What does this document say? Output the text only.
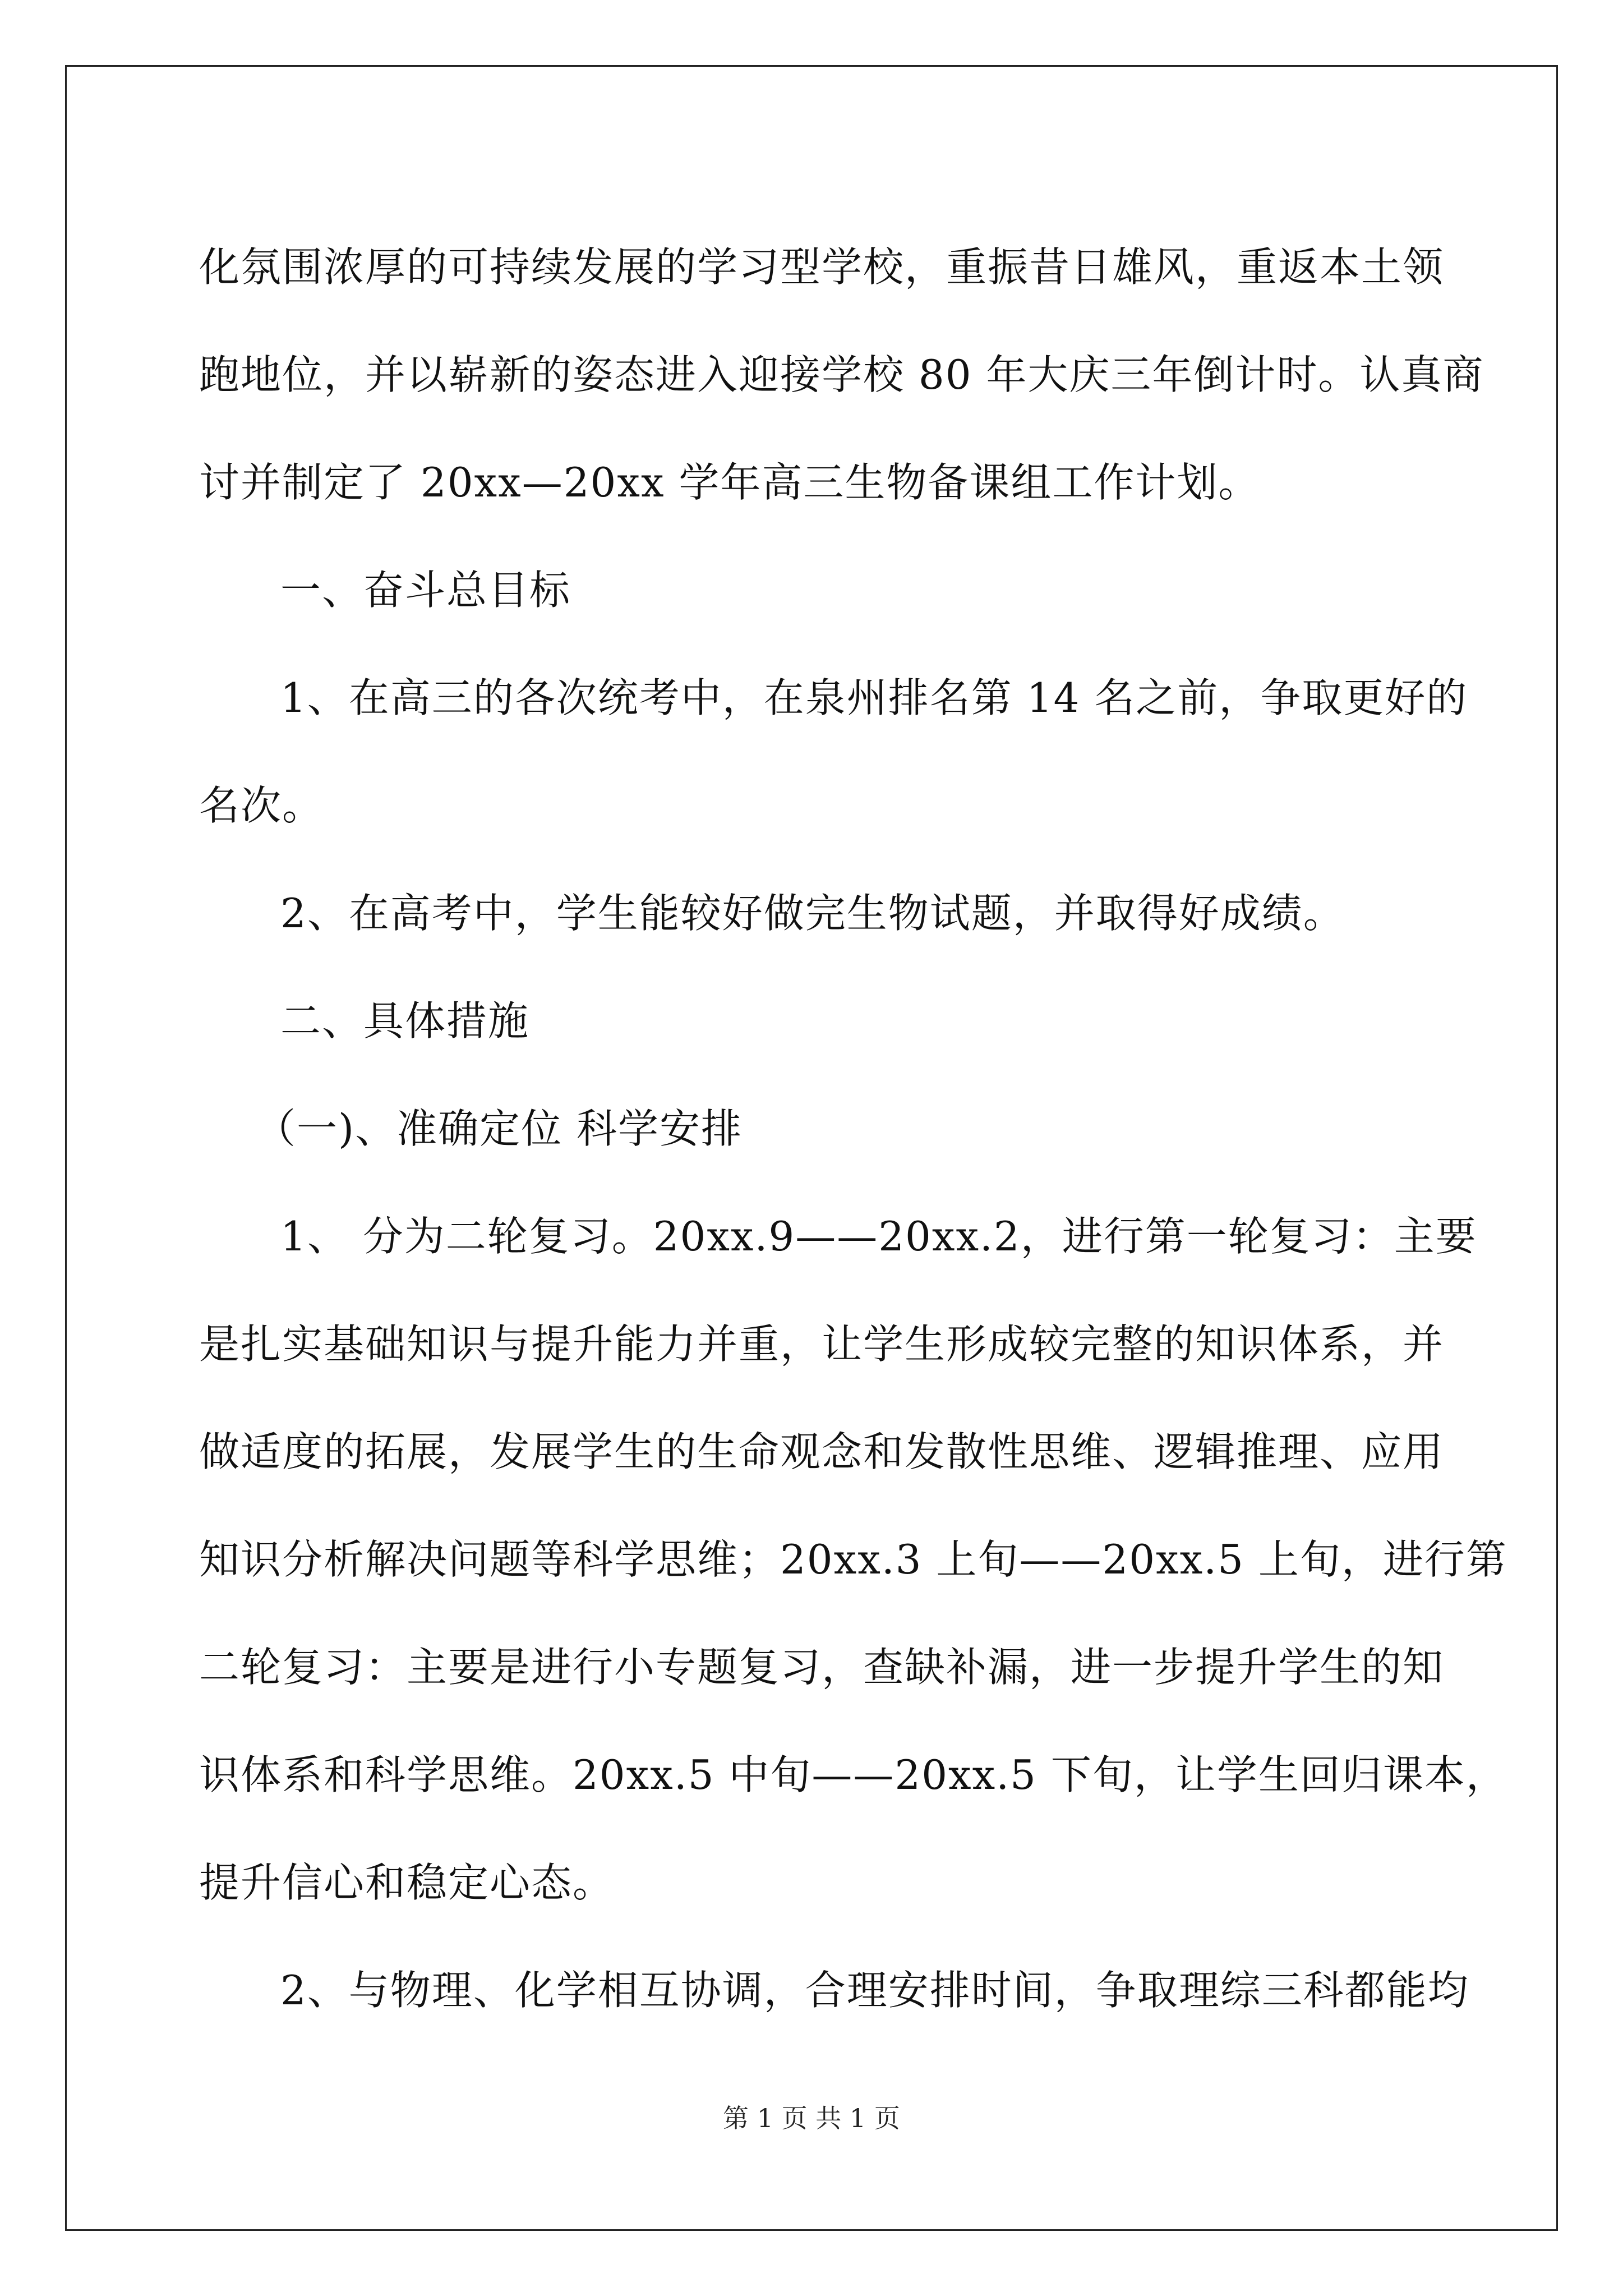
化氛围浓厚的可持续发展的学习型学校，重振昔日雄风，重返本土领
跑地位，并以崭新的姿态进入迎接学校 80 年大庆三年倒计时。认真商
讨并制定了 20xx—20xx 学年高三生物备课组工作计划。
一、奋斗总目标
1、在高三的各次统考中，在泉州排名第 14 名之前，争取更好的
名次。
2、在高考中，学生能较好做完生物试题，并取得好成绩。
二、具体措施
（一)、准确定位 科学安排
1、 分为二轮复习。20xx.9——20xx.2，进行第一轮复习：主要
是扎实基础知识与提升能力并重，让学生形成较完整的知识体系，并
做适度的拓展，发展学生的生命观念和发散性思维、逻辑推理、应用
知识分析解决问题等科学思维；20xx.3 上旬——20xx.5 上旬，进行第
二轮复习：主要是进行小专题复习，查缺补漏，进一步提升学生的知
识体系和科学思维。20xx.5 中旬——20xx.5 下旬，让学生回归课本，
提升信心和稳定心态。
2、与物理、化学相互协调，合理安排时间，争取理综三科都能均
第 1 页 共 1 页
